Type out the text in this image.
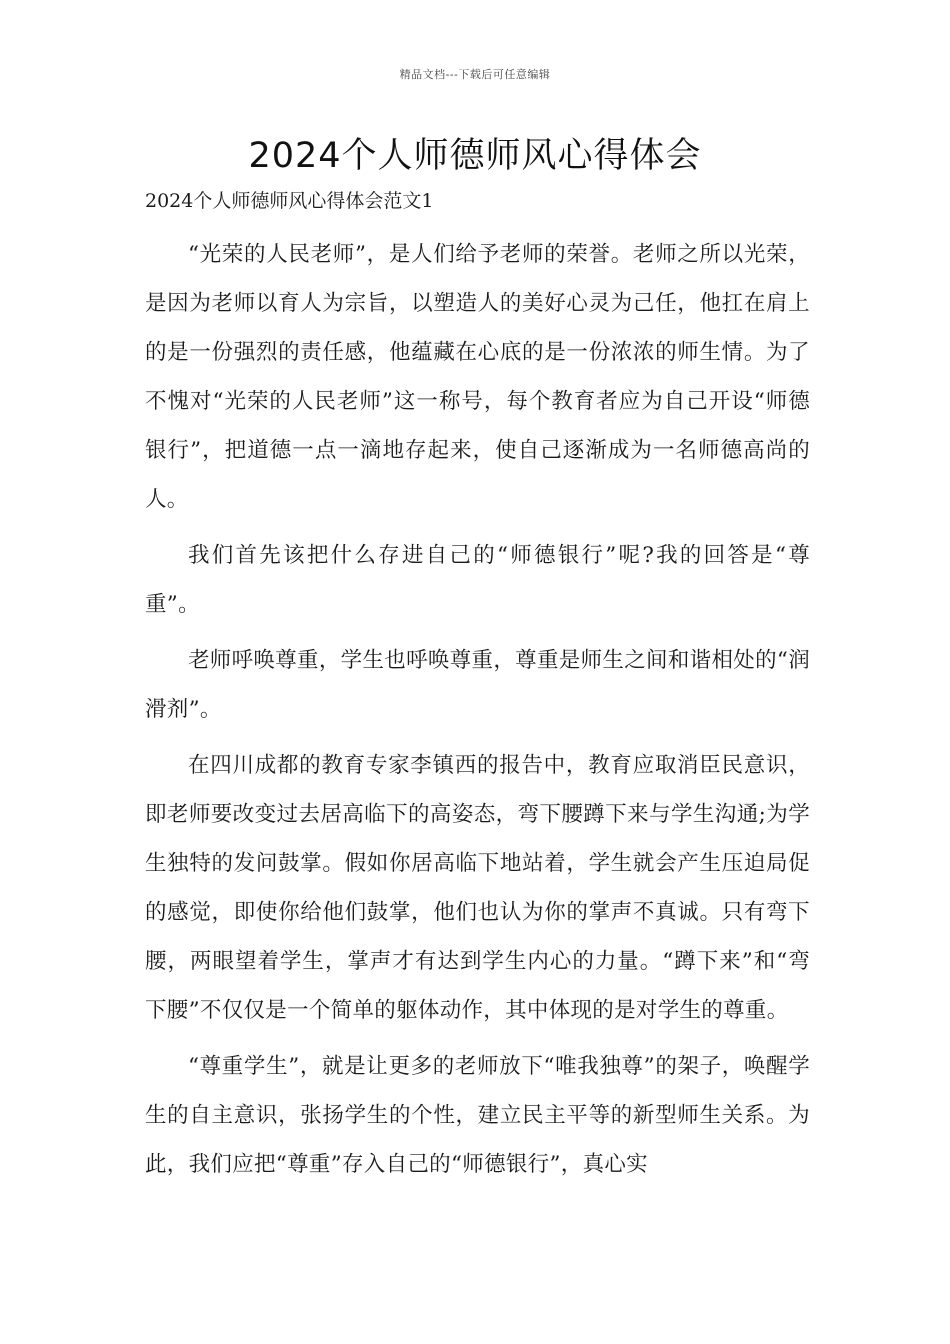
精品文档---下载后可任意编辑
2024个人师德师风心得体会
2024个人师德师风心得体会范文1

“光荣的人民老师”，是人们给予老师的荣誉。老师之所以光荣，是因为老师以育人为宗旨，以塑造人的美好心灵为己任，他扛在肩上的是一份强烈的责任感，他蕴藏在心底的是一份浓浓的师生情。为了不愧对“光荣的人民老师”这一称号，每个教育者应为自己开设“师德银行”，把道德一点一滴地存起来，使自己逐渐成为一名师德高尚的人。

我们首先该把什么存进自己的“师德银行”呢?我的回答是“尊重”。

老师呼唤尊重，学生也呼唤尊重，尊重是师生之间和谐相处的“润滑剂”。

在四川成都的教育专家李镇西的报告中，教育应取消臣民意识，即老师要改变过去居高临下的高姿态，弯下腰蹲下来与学生沟通;为学生独特的发问鼓掌。假如你居高临下地站着，学生就会产生压迫局促的感觉，即使你给他们鼓掌，他们也认为你的掌声不真诚。只有弯下腰，两眼望着学生，掌声才有达到学生内心的力量。“蹲下来”和“弯下腰”不仅仅是一个简单的躯体动作，其中体现的是对学生的尊重。

“尊重学生”，就是让更多的老师放下“唯我独尊”的架子，唤醒学生的自主意识，张扬学生的个性，建立民主平等的新型师生关系。为此，我们应把“尊重”存入自己的“师德银行”，真心实
